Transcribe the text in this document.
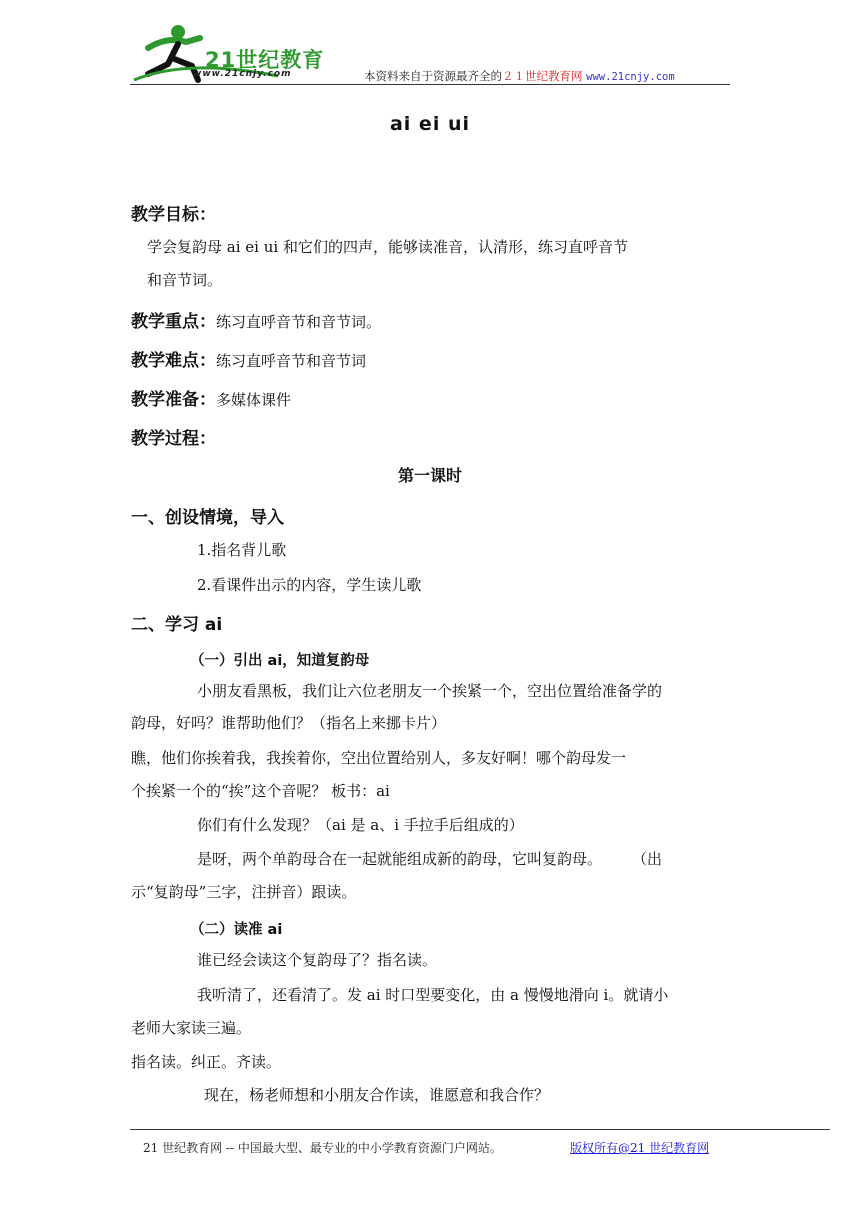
21世纪教育
www.21cnjy.com	本资料来自于资源最齐全的２１世纪教育网 www.21cnjy.com
ai ei ui
教学目标：
学会复韵母 ai ei ui 和它们的四声，能够读准音，认清形，练习直呼音节
和音节词。
教学重点：练习直呼音节和音节词。
教学难点：练习直呼音节和音节词
教学准备：多媒体课件
教学过程：
第一课时
一、创设情境，导入
1.指名背儿歌
2.看课件出示的内容，学生读儿歌
二、学习 ai
（一）引出 ai，知道复韵母
小朋友看黑板，我们让六位老朋友一个挨紧一个，空出位置给准备学的
韵母，好吗？谁帮助他们？（指名上来挪卡片）
瞧，他们你挨着我，我挨着你，空出位置给别人，多友好啊！哪个韵母发一
个挨紧一个的“挨”这个音呢？ 板书：ai
你们有什么发现？（ai 是 a、i 手拉手后组成的）
是呀，两个单韵母合在一起就能组成新的韵母，它叫复韵母。　　　（出
示“复韵母”三字，注拼音）跟读。
（二）读准 ai
谁已经会读这个复韵母了？指名读。
我听清了，还看清了。发 ai 时口型要变化，由 a 慢慢地滑向 i。就请小
老师大家读三遍。
指名读。纠正。齐读。
现在，杨老师想和小朋友合作读，谁愿意和我合作？
21 世纪教育网 -- 中国最大型、最专业的中小学教育资源门户网站。	版权所有@21 世纪教育网
